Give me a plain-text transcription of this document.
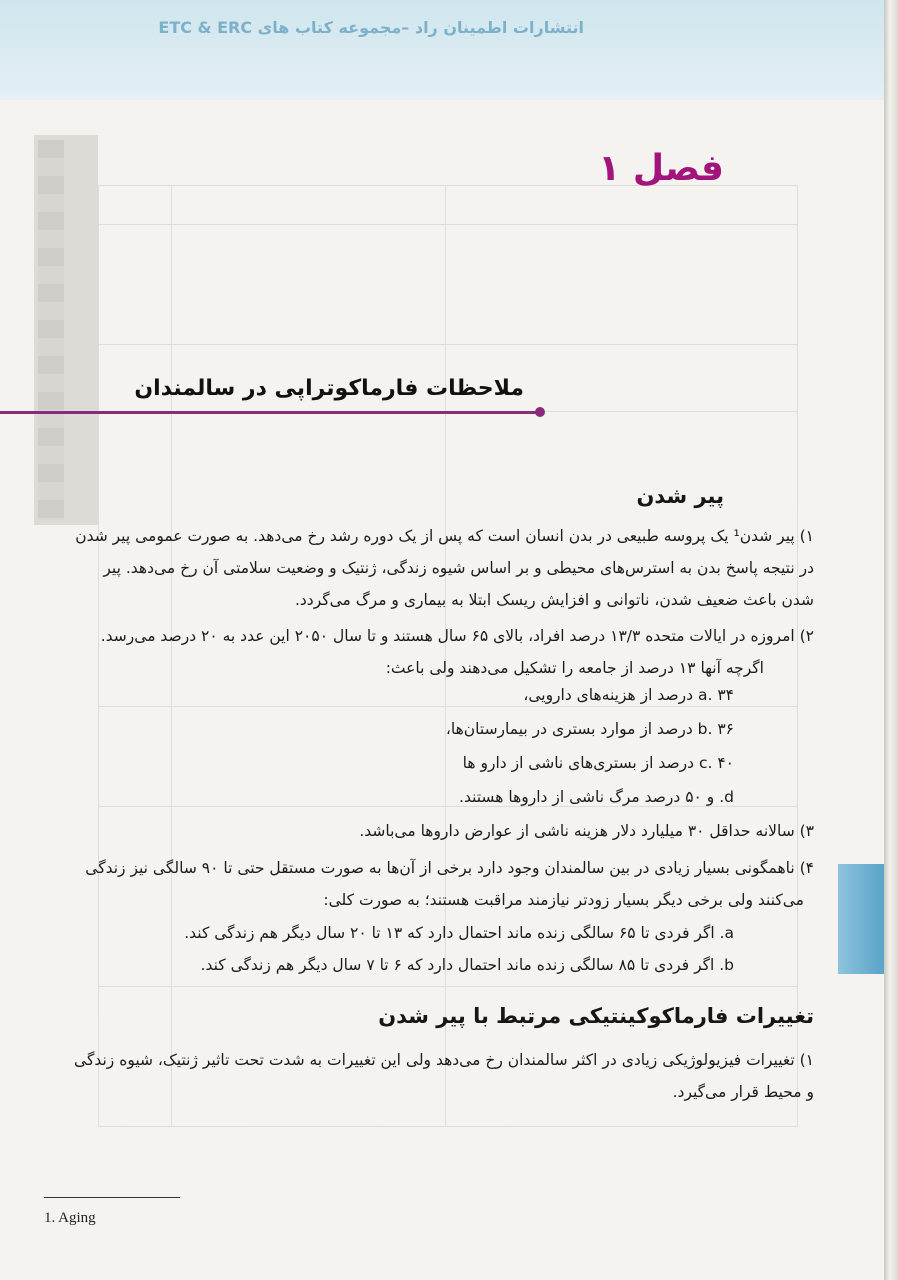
انتشارات اطمینان راد –مجموعه کتاب های ETC & ERC
فصل ۱
ملاحظات فارماکوتراپی در سالمندان
پیر شدن
۱) پیر شدن¹ یک پروسه طبیعی در بدن انسان است که پس از یک دوره رشد رخ می‌دهد. به صورت عمومی پیر شدن
در نتیجه پاسخ بدن به استرس‌های محیطی و بر اساس شیوه زندگی، ژنتیک و وضعیت سلامتی آن رخ می‌دهد. پیر
شدن باعث ضعیف شدن، ناتوانی و افزایش ریسک ابتلا به بیماری و مرگ می‌گردد.
۲) امروزه در ایالات متحده ۱۳/۳ درصد افراد، بالای ۶۵ سال هستند و تا سال ۲۰۵۰ این عدد به ۲۰ درصد می‌رسد.
اگرچه آنها ۱۳ درصد از جامعه را تشکیل می‌دهند ولی باعث:
a. ۳۴ درصد از هزینه‌های دارویی،
b. ۳۶ درصد از موارد بستری در بیمارستان‌ها،
c. ۴۰ درصد از بستری‌های ناشی از دارو ها
d. و ۵۰ درصد مرگ ناشی از داروها هستند.
۳) سالانه حداقل ۳۰ میلیارد دلار هزینه ناشی از عوارض داروها می‌باشد.
۴) ناهمگونی بسیار زیادی در بین سالمندان وجود دارد برخی از آن‌ها به صورت مستقل حتی تا ۹۰ سالگی نیز زندگی
می‌کنند ولی برخی دیگر بسیار زودتر نیازمند مراقبت هستند؛ به صورت کلی:
a. اگر فردی تا ۶۵ سالگی زنده ماند احتمال دارد که ۱۳ تا ۲۰ سال دیگر هم زندگی کند.
b. اگر فردی تا ۸۵ سالگی زنده ماند احتمال دارد که ۶ تا ۷ سال دیگر هم زندگی کند.
تغییرات فارماکوکینتیکی مرتبط با پیر شدن
۱) تغییرات فیزیولوژیکی زیادی در اکثر سالمندان رخ می‌دهد ولی این تغییرات به شدت تحت تاثیر ژنتیک، شیوه زندگی
و محیط قرار می‌گیرد.
1. Aging
